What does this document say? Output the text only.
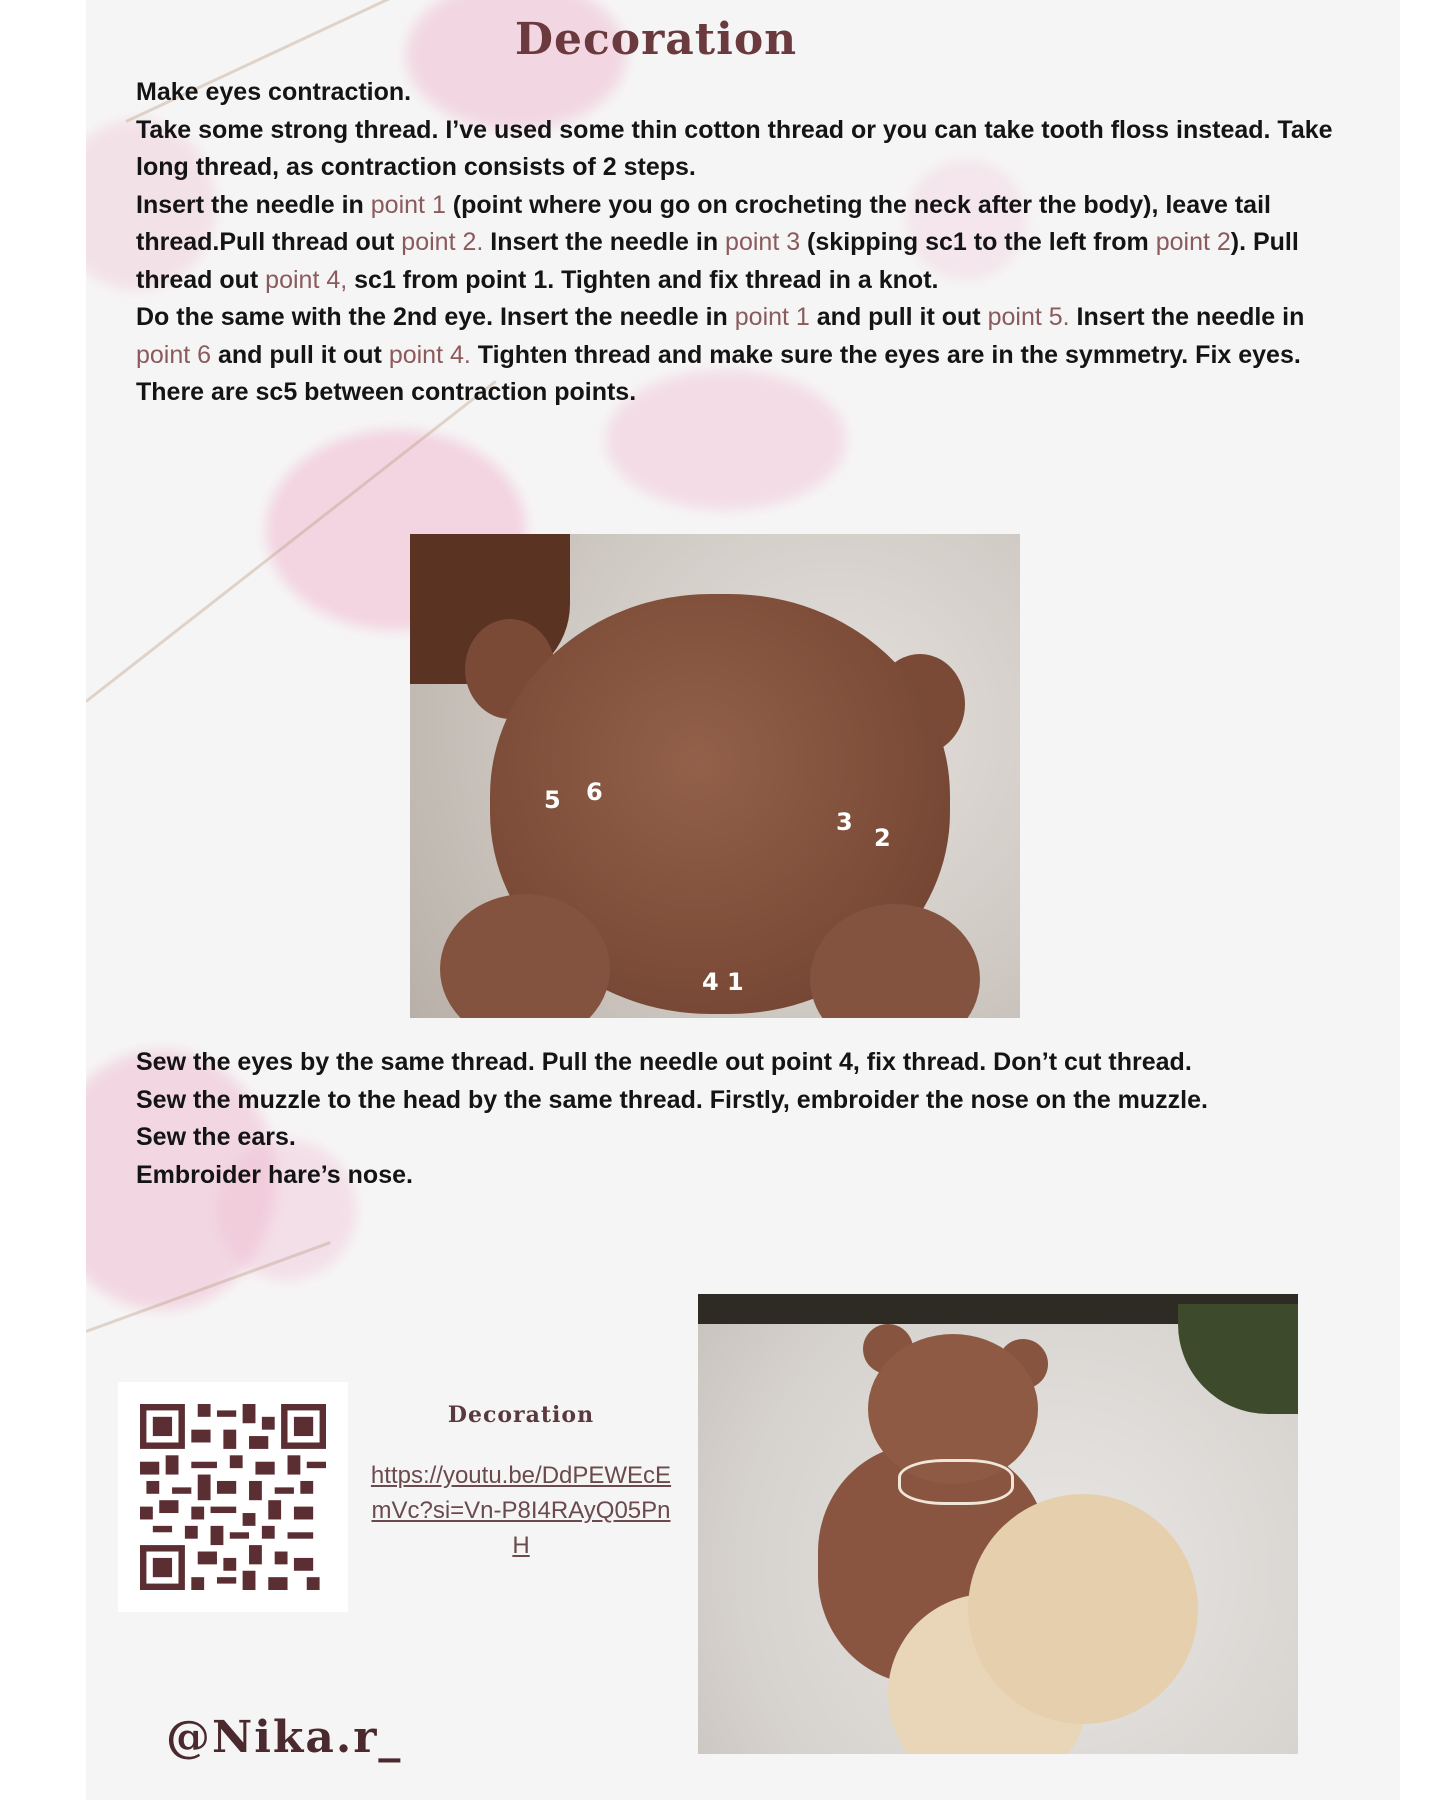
Decoration

Make eyes contraction.

Take some strong thread. I’ve used some thin cotton thread or you can take tooth floss instead. Take long thread, as contraction consists of 2 steps.

Insert the needle in point 1 (point where you go on crocheting the neck after the body), leave tail thread.Pull thread out point 2. Insert the needle in point 3 (skipping sc1 to the left from point 2). Pull thread out point 4, sc1 from point 1. Tighten and fix thread in a knot.

Do the same with the 2nd eye. Insert the needle in point 1 and pull it out point 5. Insert the needle in point 6 and pull it out point 4. Tighten thread and make sure the eyes are in the symmetry. Fix eyes.

There are sc5 between contraction points.

5 6
3
2
4 1

Sew the eyes by the same thread. Pull the needle out point 4, fix thread. Don’t cut thread.

Sew the muzzle to the head by the same thread. Firstly, embroider the nose on the muzzle.

Sew the ears.

Embroider hare’s nose.

Decoration
https://youtu.be/DdPEWEcEmVc?si=Vn-P8I4RAyQ05PnH
@Nika.r_
